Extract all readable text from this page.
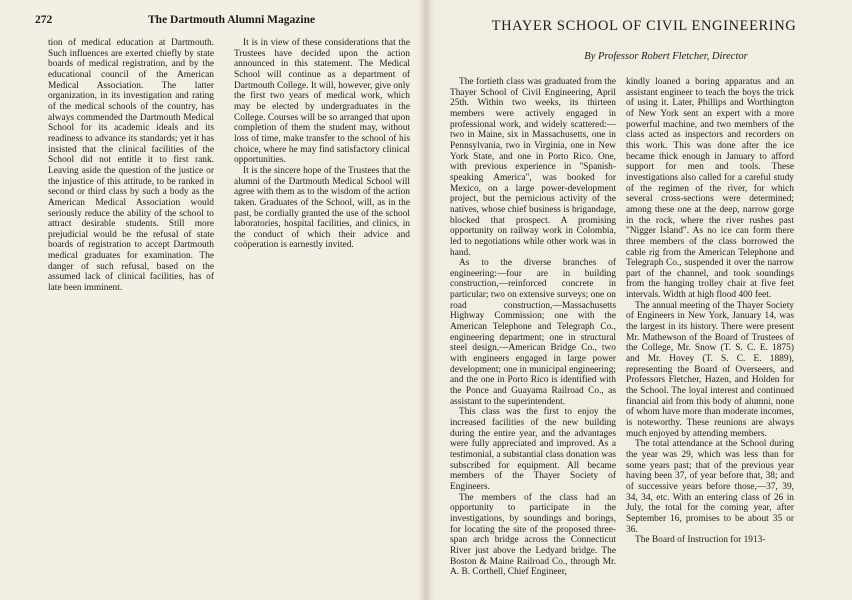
272	The Dartmouth Alumni Magazine

tion of medical education at Dartmouth. Such influences are exerted chiefly by state boards of medical registration, and by the educational council of the American Medical Association. The latter organization, in its investigation and rating of the medical schools of the country, has always commended the Dartmouth Medical School for its academic ideals and its readiness to advance its standards; yet it has insisted that the clinical facilities of the School did not entitle it to first rank. Leaving aside the question of the justice or the injustice of this attitude, to be ranked in second or third class by such a body as the American Medical Association would seriously reduce the ability of the school to attract desirable students. Still more prejudicial would be the refusal of state boards of registration to accept Dartmouth medical graduates for examination. The danger of such refusal, based on the assumed lack of clinical facilities, has of late been imminent.

It is in view of these considerations that the Trustees have decided upon the action announced in this statement. The Medical School will continue as a department of Dartmouth College. It will, however, give only the first two years of medical work, which may be elected by undergraduates in the College. Courses will be so arranged that upon completion of them the student may, without loss of time, make transfer to the school of his choice, where he may find satisfactory clinical opportunities.

It is the sincere hope of the Trustees that the alumni of the Dartmouth Medical School will agree with them as to the wisdom of the action taken. Graduates of the School, will, as in the past, be cordially granted the use of the school laboratories, hospital facilities, and clinics, in the conduct of which their advice and coöperation is earnestly invited.

THAYER SCHOOL OF CIVIL ENGINEERING
By Professor Robert Fletcher, Director

The fortieth class was graduated from the Thayer School of Civil Engineering, April 25th. Within two weeks, its thirteen members were actively engaged in professional work, and widely scattered:—two in Maine, six in Massachusetts, one in Pennsylvania, two in Virginia, one in New York State, and one in Porto Rico. One, with previous experience in "Spanish-speaking America", was booked for Mexico, on a large power-development project, but the pernicious activity of the natives, whose chief business is brigandage, blocked that prospect. A promising opportunity on railway work in Colombia, led to negotiations while other work was in hand.

As to the diverse branches of engineering:—four are in building construction,—reinforced concrete in particular; two on extensive surveys; one on road construction,—Massachusetts Highway Commission; one with the American Telephone and Telegraph Co., engineering department; one in structural steel design,—American Bridge Co., two with engineers engaged in large power development; one in municipal engineering; and the one in Porto Rico is identified with the Ponce and Guayama Railroad Co., as assistant to the superintendent.

This class was the first to enjoy the increased facilities of the new building during the entire year, and the advantages were fully appreciated and improved. As a testimonial, a substantial class donation was subscribed for equipment. All became members of the Thayer Society of Engineers.

The members of the class had an opportunity to participate in the investigations, by soundings and borings, for locating the site of the proposed three-span arch bridge across the Connecticut River just above the Ledyard bridge. The Boston & Maine Railroad Co., through Mr. A. B. Corthell, Chief Engineer,

kindly loaned a boring apparatus and an assistant engineer to teach the boys the trick of using it. Later, Phillips and Worthington of New York sent an expert with a more powerful machine, and two members of the class acted as inspectors and recorders on this work. This was done after the ice became thick enough in January to afford support for men and tools. These investigations also called for a careful study of the regimen of the river, for which several cross-sections were determined; among these one at the deep, narrow gorge in the rock, where the river rushes past "Nigger Island". As no ice can form there three members of the class borrowed the cable rig from the American Telephone and Telegraph Co., suspended it over the narrow part of the channel, and took soundings from the hanging trolley chair at five feet intervals. Width at high flood 400 feet.

The annual meeting of the Thayer Society of Engineers in New York, January 14, was the largest in its history. There were present Mr. Mathewson of the Board of Trustees of the College, Mr. Snow (T. S. C. E. 1875) and Mr. Hovey (T. S. C. E. 1889), representing the Board of Overseers, and Professors Fletcher, Hazen, and Holden for the School. The loyal interest and continued financial aid from this body of alumni, none of whom have more than moderate incomes, is noteworthy. These reunions are always much enjoyed by attending members.

The total attendance at the School during the year was 29, which was less than for some years past; that of the previous year having been 37, of year before that, 38; and of successive years before those,—37, 39, 34, 34, etc. With an entering class of 26 in July, the total for the coming year, after September 16, promises to be about 35 or 36.

The Board of Instruction for 1913-
